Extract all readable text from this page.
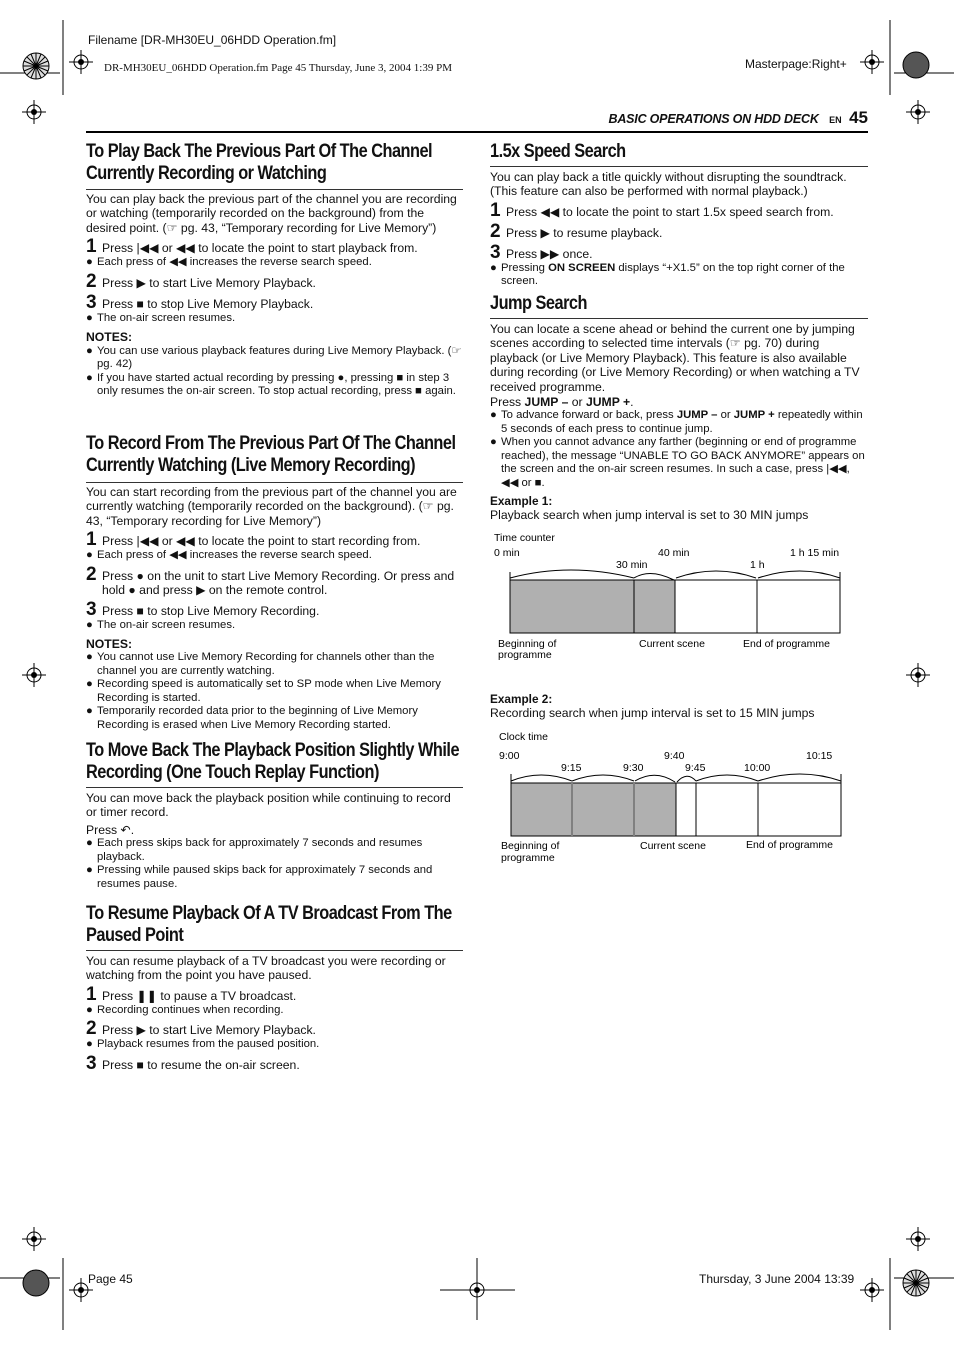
Filename [DR-MH30EU_06HDD Operation.fm]
DR-MH30EU_06HDD Operation.fm Page 45 Thursday, June 3, 2004 1:39 PM	Masterpage:Right+
BASIC OPERATIONS ON HDD DECK EN 45
To Play Back The Previous Part Of The Channel
Currently Recording or Watching

You can play back the previous part of the channel you are recording or watching (temporarily recorded on the background) from the desired point. (☞ pg. 43, “Temporary recording for Live Memory”)

1 Press |◀◀ or ◀◀ to locate the point to start playback from.
● Each press of ◀◀ increases the reverse search speed.
2 Press ▶ to start Live Memory Playback.
3 Press ■ to stop Live Memory Playback.
● The on-air screen resumes.
NOTES:
● You can use various playback features during Live Memory Playback. (☞ pg. 42)
● If you have started actual recording by pressing ●, pressing ■ in step 3 only resumes the on-air screen. To stop actual recording, press ■ again.
To Record From The Previous Part Of The Channel
Currently Watching (Live Memory Recording)

You can start recording from the previous part of the channel you are currently watching (temporarily recorded on the background). (☞ pg. 43, “Temporary recording for Live Memory”)

1 Press |◀◀ or ◀◀ to locate the point to start recording from.
● Each press of ◀◀ increases the reverse search speed.
2 Press ● on the unit to start Live Memory Recording. Or press and hold ● and press ▶ on the remote control.
3 Press ■ to stop Live Memory Recording.
● The on-air screen resumes.
NOTES:
● You cannot use Live Memory Recording for channels other than the channel you are currently watching.
● Recording speed is automatically set to SP mode when Live Memory Recording is started.
● Temporarily recorded data prior to the beginning of Live Memory Recording is erased when Live Memory Recording started.
To Move Back The Playback Position Slightly While
Recording (One Touch Replay Function)

You can move back the playback position while continuing to record or timer record.

Press ↶.

● Each press skips back for approximately 7 seconds and resumes playback.
● Pressing while paused skips back for approximately 7 seconds and resumes pause.
To Resume Playback Of A TV Broadcast From The
Paused Point

You can resume playback of a TV broadcast you were recording or watching from the point you have paused.

1 Press ❚❚ to pause a TV broadcast.
● Recording continues when recording.
2 Press ▶ to start Live Memory Playback.
● Playback resumes from the paused position.
3 Press ■ to resume the on-air screen.
1.5x Speed Search

You can play back a title quickly without disrupting the soundtrack. (This feature can also be performed with normal playback.)

1 Press ◀◀ to locate the point to start 1.5x speed search from.
2 Press ▶ to resume playback.
3 Press ▶▶ once.
● Pressing ON SCREEN displays “+X1.5” on the top right corner of the screen.
Jump Search

You can locate a scene ahead or behind the current one by jumping scenes according to selected time intervals (☞ pg. 70) during playback (or Live Memory Playback). This feature is also available during recording (or Live Memory Recording) or when watching a TV received programme.

Press JUMP – or JUMP +.

● To advance forward or back, press JUMP – or JUMP + repeatedly within 5 seconds of each press to continue jump.
● When you cannot advance any farther (beginning or end of programme reached), the message “UNABLE TO GO BACK ANYMORE” appears on the screen and the on-air screen resumes. In such a case, press |◀◀, ◀◀ or ■.

Example 1:

Playback search when jump interval is set to 30 MIN jumps

Time counter
0 min	40 min	1 h 15 min
30 min	1 h
Beginning of
programme
Current scene	End of programme

Example 2:

Recording search when jump interval is set to 15 MIN jumps

Clock time
9:00	9:40	10:15
9:15	9:30	9:45	10:00
Beginning of
programme
Current scene	End of programme
Page 45	Thursday, 3 June 2004 13:39
